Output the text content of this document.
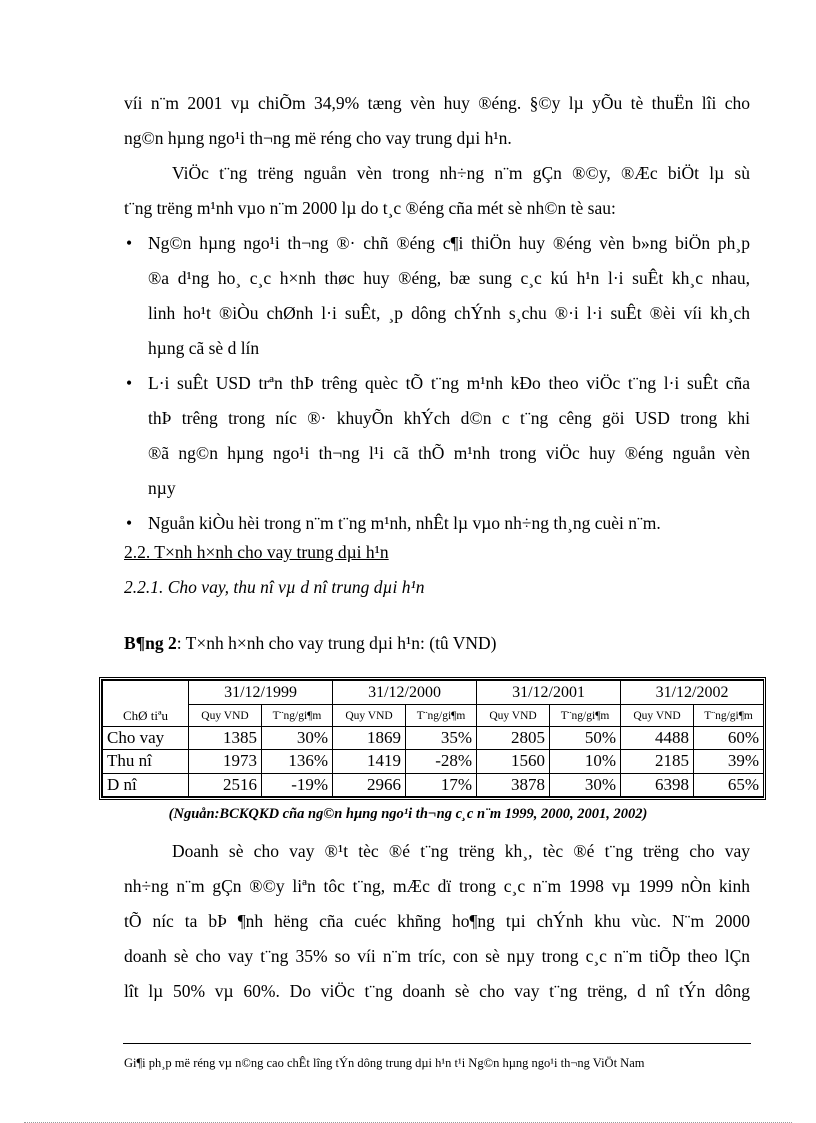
víi n¨m 2001 vµ chiÕm 34,9% tæng vèn huy ®éng. §©y lµ yÕu tè thuËn lîi cho
ng©n hµng ngo¹i th¬ng më réng cho vay trung dµi h¹n.
ViÖc t¨ng trëng nguån vèn trong nh÷ng n¨m gÇn ®©y, ®Æc biÖt lµ sù
t¨ng trëng m¹nh vµo n¨m 2000 lµ do t¸c ®éng cña mét sè nh©n tè sau:
• Ng©n hµng ngo¹i th¬ng ®· chñ ®éng c¶i thiÖn huy ®éng vèn b»ng biÖn ph¸p
®a d¹ng ho¸ c¸c h×nh thøc huy ®éng, bæ sung c¸c kú h¹n l·i suÊt kh¸c nhau,
linh ho¹t ®iÒu chØnh l·i suÊt, ¸p dông chÝnh s¸chu ®·i l·i suÊt ®èi víi kh¸ch
hµng cã sè d lín
• L·i suÊt USD trªn thÞ trêng quèc tÕ t¨ng m¹nh kÐo theo viÖc t¨ng l·i suÊt cña
thÞ trêng trong níc ®· khuyÕn khÝch d©n c t¨ng cêng göi USD trong khi
®ã ng©n hµng ngo¹i th¬ng l¹i cã thÕ m¹nh trong viÖc huy ®éng nguån vèn
nµy
• Nguån kiÒu hèi trong n¨m t¨ng m¹nh, nhÊt lµ vµo nh÷ng th¸ng cuèi n¨m.
2.2. T×nh h×nh cho vay trung dµi h¹n
2.2.1. Cho vay, thu nî vµ d nî trung dµi h¹n
B¶ng 2: T×nh h×nh cho vay trung dµi h¹n: (tû VND)
ChØ tiªu	31/12/1999		31/12/2000		31/12/2001		31/12/2002	
	Quy VND	T¨ng/gi¶m	Quy VND	T¨ng/gi¶m	Quy VND	T¨ng/gi¶m	Quy VND	T¨ng/gi¶m
Cho vay	1385	30%	1869	35%	2805	50%	4488	60%
Thu nî	1973	136%	1419	-28%	1560	10%	2185	39%
D nî	2516	-19%	2966	17%	3878	30%	6398	65%
(Nguån:BCKQKD cña ng©n hµng ngo¹i th¬ng c¸c n¨m 1999, 2000, 2001, 2002)
Doanh sè cho vay ®¹t tèc ®é t¨ng trëng kh¸, tèc ®é t¨ng trëng cho vay
nh÷ng n¨m gÇn ®©y liªn tôc t¨ng, mÆc dï trong c¸c n¨m 1998 vµ 1999 nÒn kinh
tÕ níc ta bÞ ¶nh hëng cña cuéc khñng ho¶ng tµi chÝnh khu vùc. N¨m 2000
doanh sè cho vay t¨ng 35% so víi n¨m tríc, con sè nµy trong c¸c n¨m tiÕp theo lÇn
lît lµ 50% vµ 60%. Do viÖc t¨ng doanh sè cho vay t¨ng trëng, d nî tÝn dông
Gi¶i ph¸p më réng vµ n©ng cao chÊt lîng tÝn dông trung dµi h¹n t¹i Ng©n hµng ngo¹i th¬ng ViÖt Nam
